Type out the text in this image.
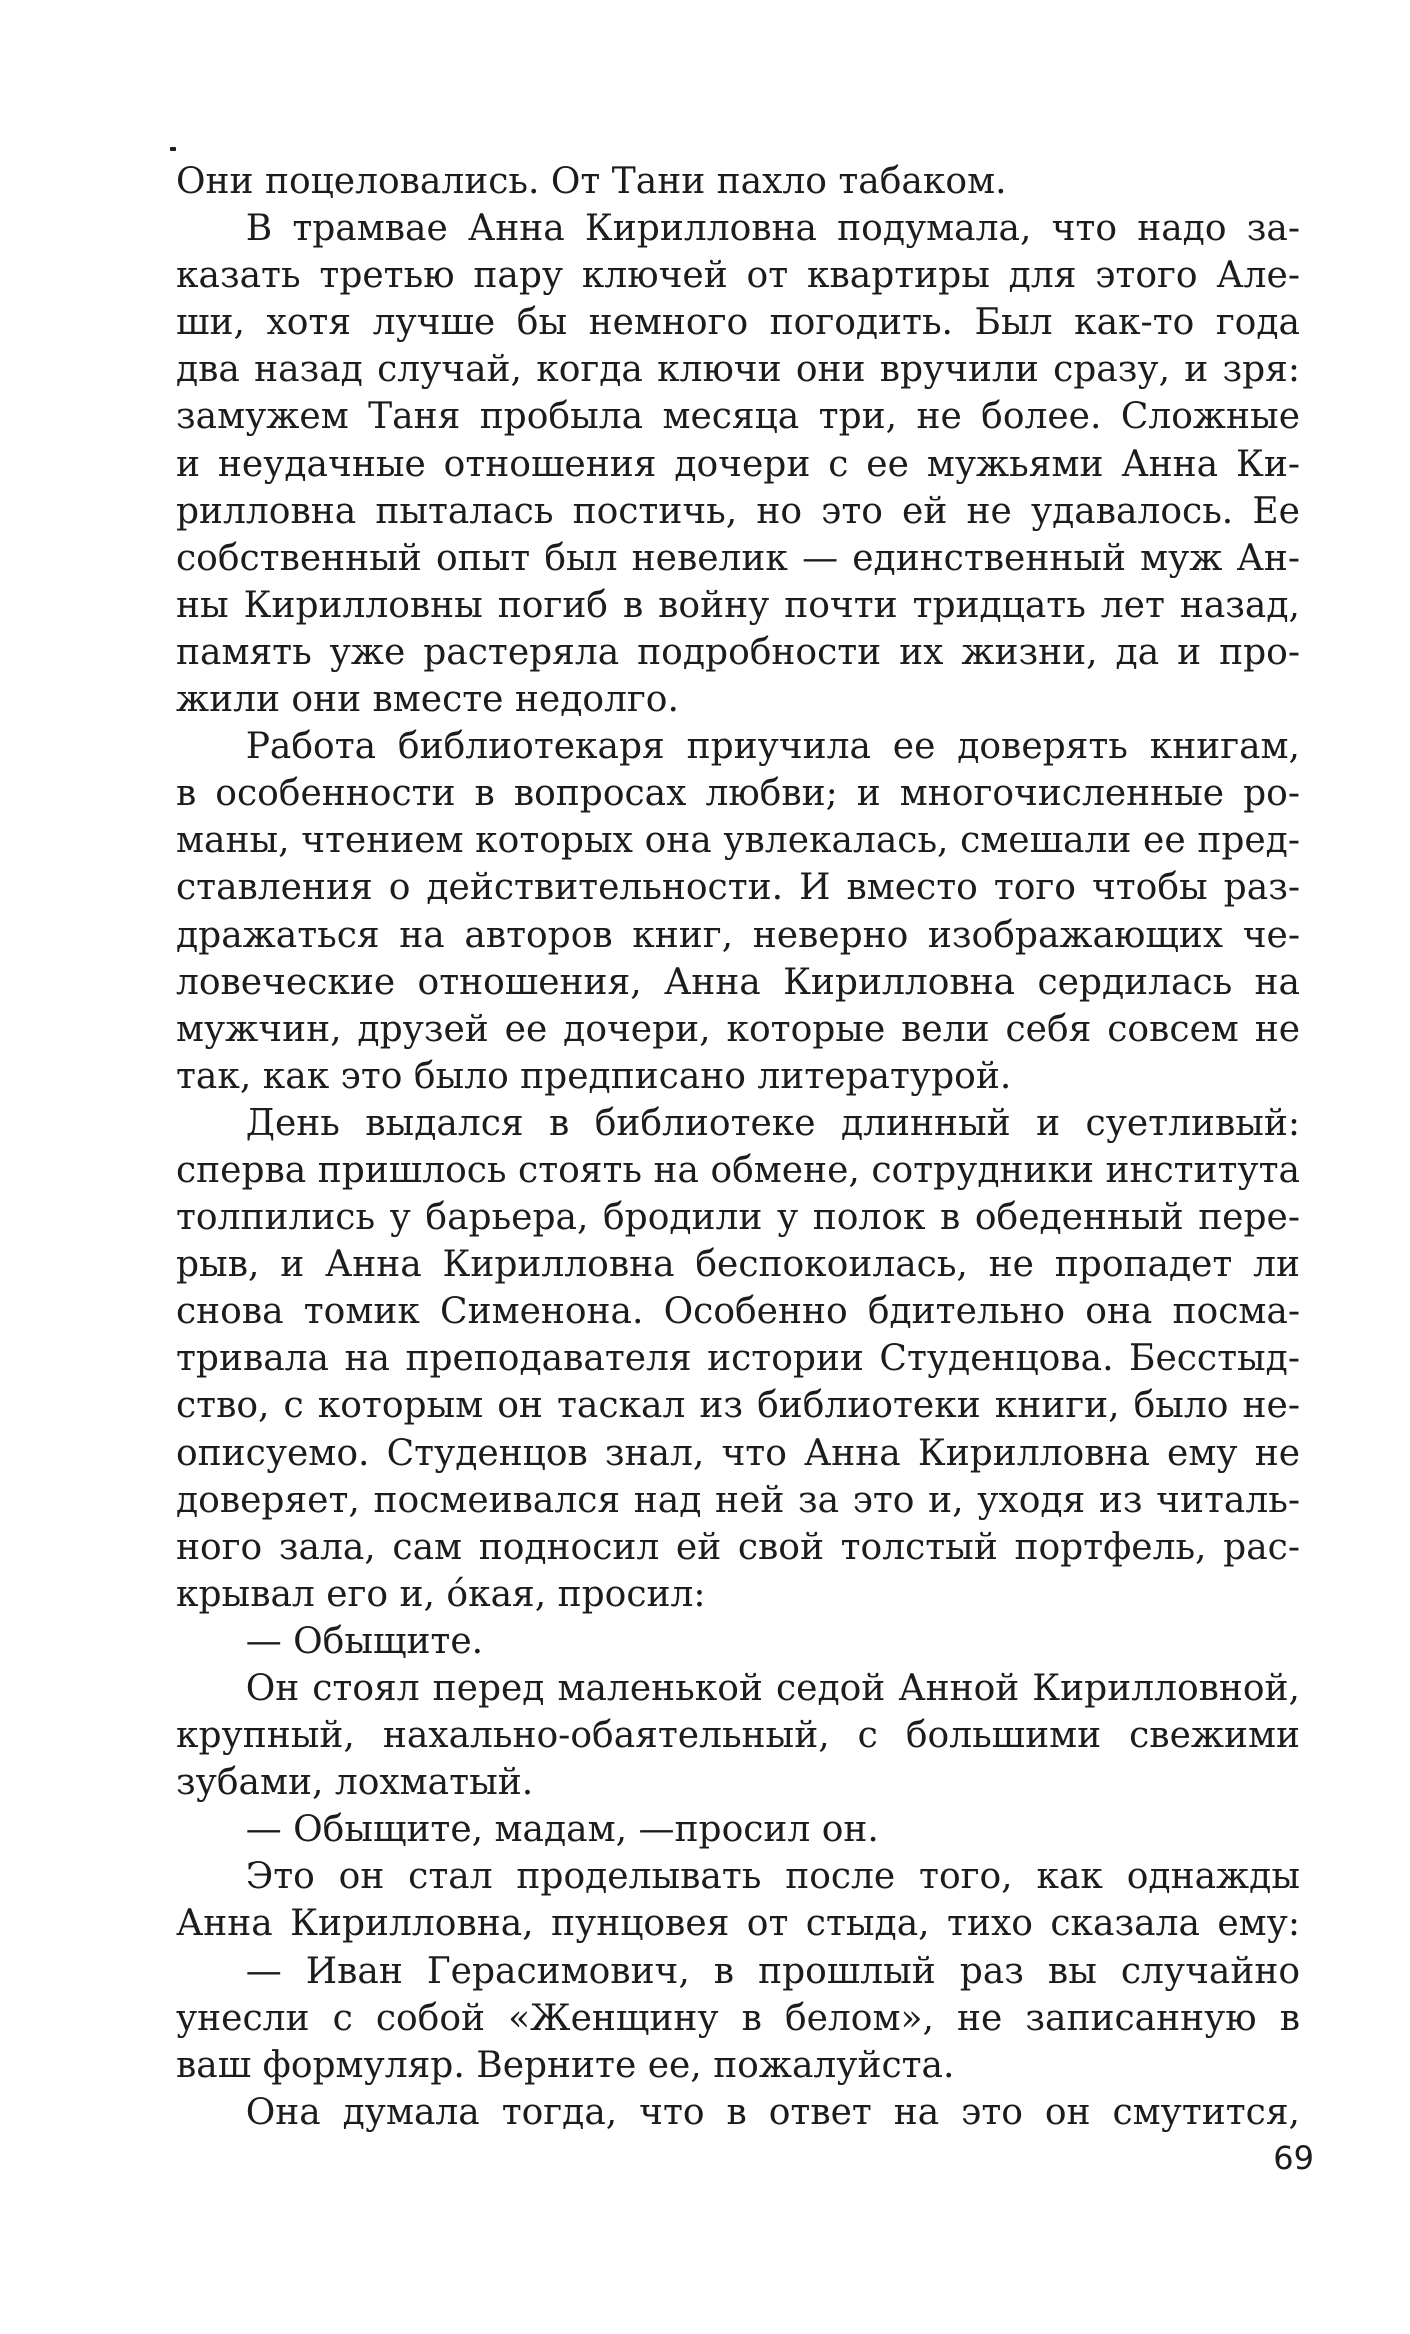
Они поцеловались. От Тани пахло табаком.
В трамвае Анна Кирилловна подумала, что надо за-
казать третью пару ключей от квартиры для этого Але-
ши, хотя лучше бы немного погодить. Был как-то года
два назад случай, когда ключи они вручили сразу, и зря:
замужем Таня пробыла месяца три, не более. Сложные
и неудачные отношения дочери с ее мужьями Анна Ки-
рилловна пыталась постичь, но это ей не удавалось. Ее
собственный опыт был невелик — единственный муж Ан-
ны Кирилловны погиб в войну почти тридцать лет назад,
память уже растеряла подробности их жизни, да и про-
жили они вместе недолго.
Работа библиотекаря приучила ее доверять книгам,
в особенности в вопросах любви; и многочисленные ро-
маны, чтением которых она увлекалась, смешали ее пред-
ставления о действительности. И вместо того чтобы раз-
дражаться на авторов книг, неверно изображающих че-
ловеческие отношения, Анна Кирилловна сердилась на
мужчин, друзей ее дочери, которые вели себя совсем не
так, как это было предписано литературой.
День выдался в библиотеке длинный и суетливый:
сперва пришлось стоять на обмене, сотрудники института
толпились у барьера, бродили у полок в обеденный пере-
рыв, и Анна Кирилловна беспокоилась, не пропадет ли
снова томик Сименона. Особенно бдительно она посма-
тривала на преподавателя истории Студенцова. Бесстыд-
ство, с которым он таскал из библиотеки книги, было не-
описуемо. Студенцов знал, что Анна Кирилловна ему не
доверяет, посмеивался над ней за это и, уходя из читаль-
ного зала, сам подносил ей свой толстый портфель, рас-
крывал его и, о́кая, просил:
— Обыщите.
Он стоял перед маленькой седой Анной Кирилловной,
крупный, нахально-обаятельный, с большими свежими
зубами, лохматый.
— Обыщите, мадам, —просил он.
Это он стал проделывать после того, как однажды
Анна Кирилловна, пунцовея от стыда, тихо сказала ему:
— Иван Герасимович, в прошлый раз вы случайно
унесли с собой «Женщину в белом», не записанную в
ваш формуляр. Верните ее, пожалуйста.
Она думала тогда, что в ответ на это он смутится,
69
